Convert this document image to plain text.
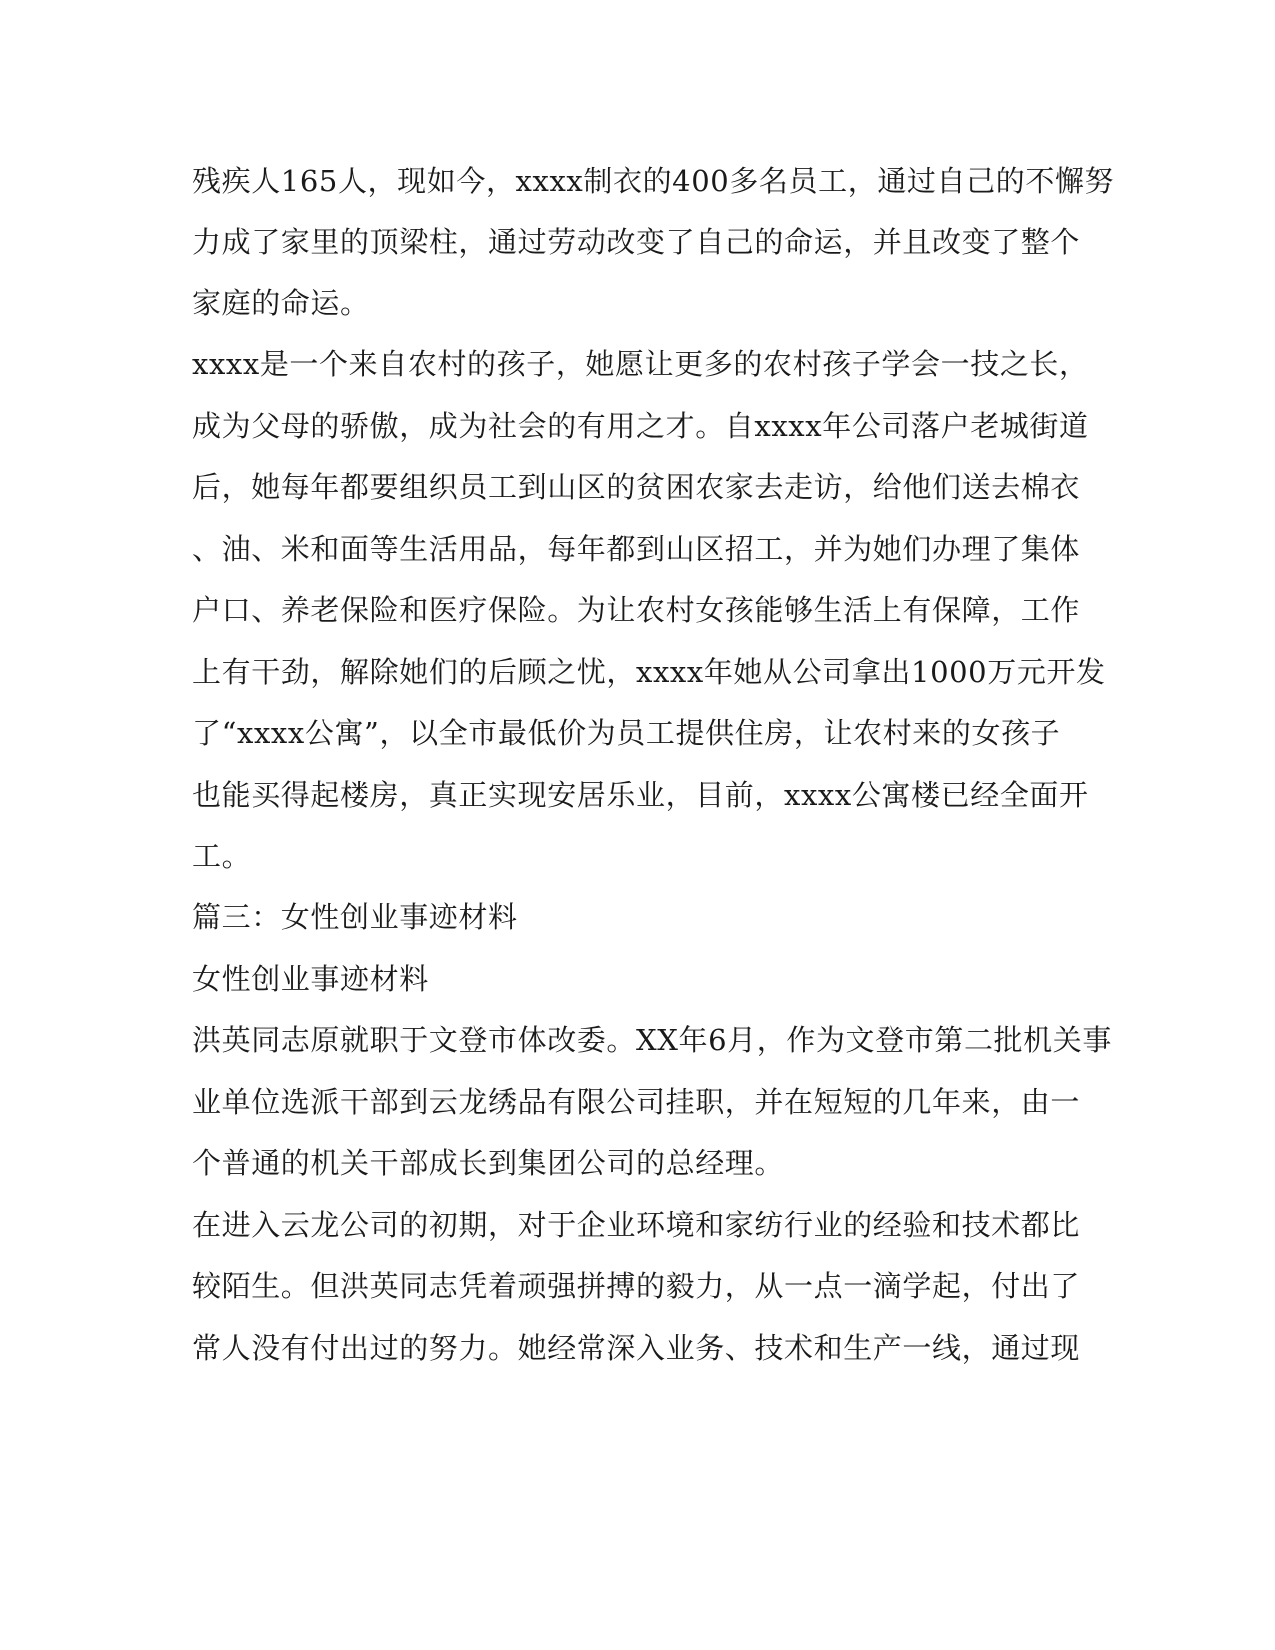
残疾人165人，现如今，xxxx制衣的400多名员工，通过自己的不懈努
力成了家里的顶梁柱，通过劳动改变了自己的命运，并且改变了整个
家庭的命运。
xxxx是一个来自农村的孩子，她愿让更多的农村孩子学会一技之长，
成为父母的骄傲，成为社会的有用之才。自xxxx年公司落户老城街道
后，她每年都要组织员工到山区的贫困农家去走访，给他们送去棉衣
、油、米和面等生活用品，每年都到山区招工，并为她们办理了集体
户口、养老保险和医疗保险。为让农村女孩能够生活上有保障，工作
上有干劲，解除她们的后顾之忧，xxxx年她从公司拿出1000万元开发
了“xxxx公寓”，以全市最低价为员工提供住房，让农村来的女孩子
也能买得起楼房，真正实现安居乐业，目前，xxxx公寓楼已经全面开
工。
篇三：女性创业事迹材料
女性创业事迹材料
洪英同志原就职于文登市体改委。XX年6月，作为文登市第二批机关事
业单位选派干部到云龙绣品有限公司挂职，并在短短的几年来，由一
个普通的机关干部成长到集团公司的总经理。
在进入云龙公司的初期，对于企业环境和家纺行业的经验和技术都比
较陌生。但洪英同志凭着顽强拼搏的毅力，从一点一滴学起，付出了
常人没有付出过的努力。她经常深入业务、技术和生产一线，通过现
